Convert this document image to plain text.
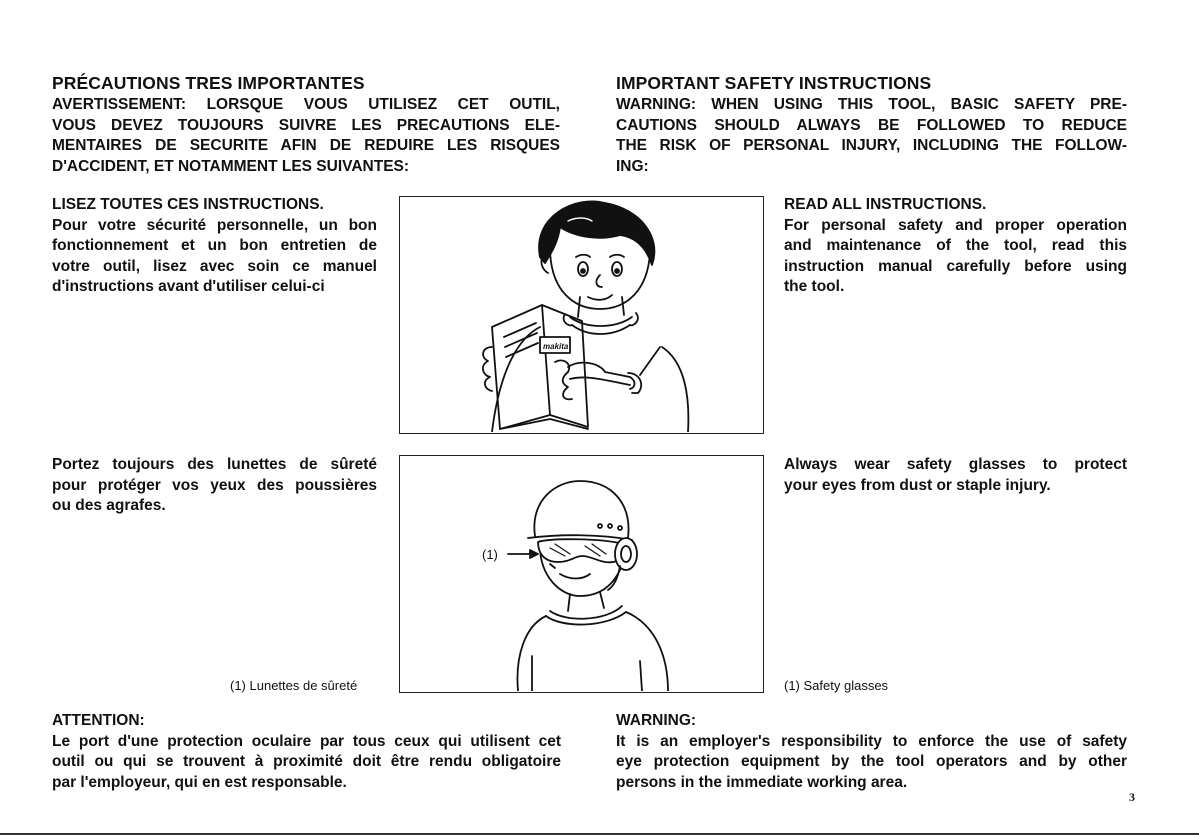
PRÉCAUTIONS TRES IMPORTANTES
AVERTISSEMENT: LORSQUE VOUS UTILISEZ CET OUTIL,
VOUS DEVEZ TOUJOURS SUIVRE LES PRECAUTIONS ELE-
MENTAIRES DE SECURITE AFIN DE REDUIRE LES RISQUES
D'ACCIDENT, ET NOTAMMENT LES SUIVANTES:
IMPORTANT SAFETY INSTRUCTIONS
WARNING: WHEN USING THIS TOOL, BASIC SAFETY PRE-
CAUTIONS SHOULD ALWAYS BE FOLLOWED TO REDUCE
THE RISK OF PERSONAL INJURY, INCLUDING THE FOLLOW-
ING:
LISEZ TOUTES CES INSTRUCTIONS.
Pour votre sécurité personnelle, un bon
fonctionnement et un bon entretien de
votre outil, lisez avec soin ce manuel
d'instructions avant d'utiliser celui-ci
makita
READ ALL INSTRUCTIONS.
For personal safety and proper operation
and maintenance of the tool, read this
instruction manual carefully before using
the tool.
Portez toujours des lunettes de sûreté
pour protéger vos yeux des poussières
ou des agrafes.
(1)
Always wear safety glasses to protect
your eyes from dust or staple injury.
(1) Lunettes de sûreté	(1) Safety glasses
ATTENTION:
Le port d'une protection oculaire par tous ceux qui utilisent cet
outil ou qui se trouvent à proximité doit être rendu obligatoire
par l'employeur, qui en est responsable.
WARNING:
It is an employer's responsibility to enforce the use of safety
eye protection equipment by the tool operators and by other
persons in the immediate working area.
3
